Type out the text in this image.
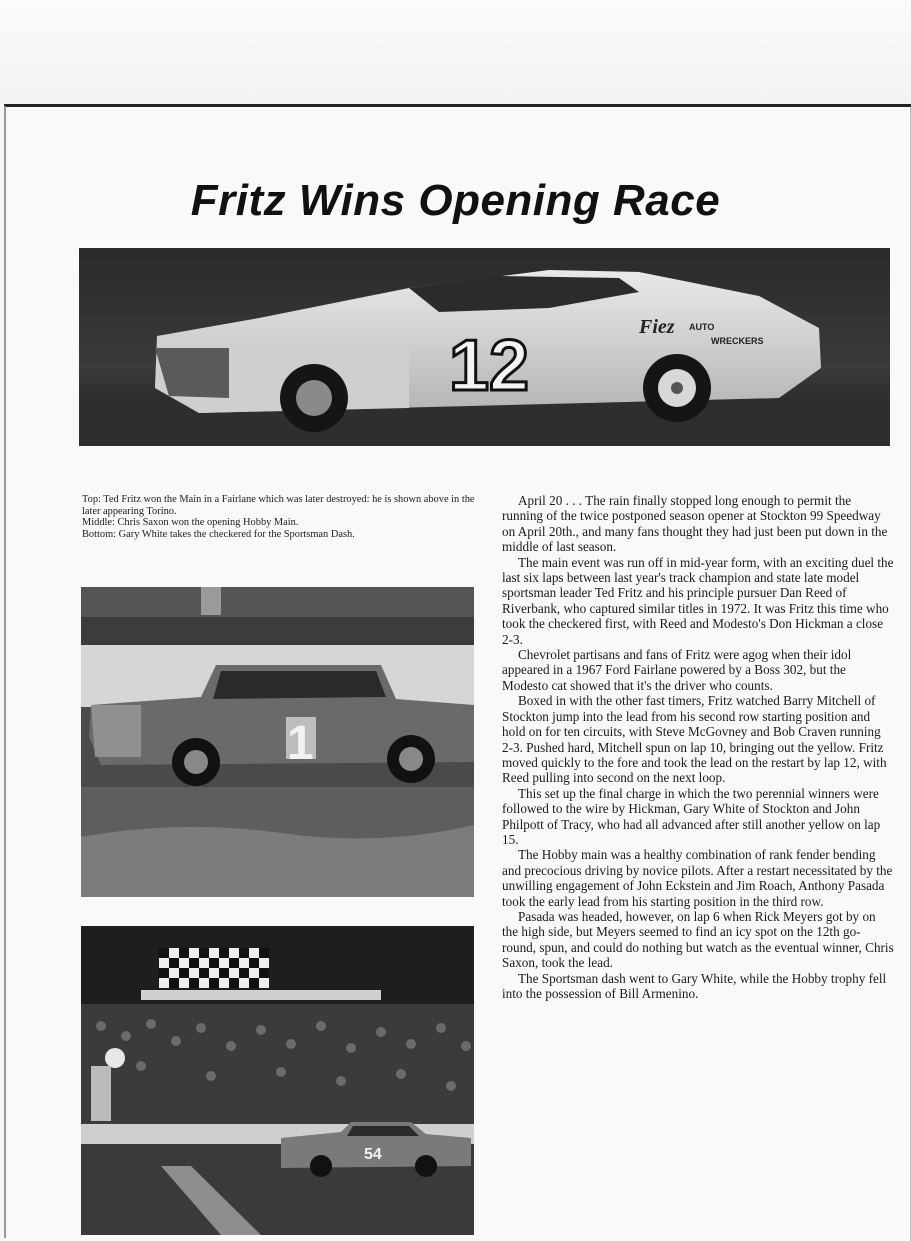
Fritz Wins Opening Race
12	Fiez AUTO
WRECKERS

Top: Ted Fritz won the Main in a Fairlane which was later destroyed: he is shown above in the later appearing Torino.

Middle: Chris Saxon won the opening Hobby Main.

Bottom: Gary White takes the checkered for the Sportsman Dash.

1
54

April 20 . . . The rain finally stopped long enough to permit the running of the twice postponed season opener at Stockton 99 Speedway on April 20th., and many fans thought they had just been put down in the middle of last season.

The main event was run off in mid-year form, with an exciting duel the last six laps between last year's track champion and state late model sportsman leader Ted Fritz and his principle pursuer Dan Reed of Riverbank, who captured similar titles in 1972. It was Fritz this time who took the checkered first, with Reed and Modesto's Don Hickman a close 2-3.

Chevrolet partisans and fans of Fritz were agog when their idol appeared in a 1967 Ford Fairlane powered by a Boss 302, but the Modesto cat showed that it's the driver who counts.

Boxed in with the other fast timers, Fritz watched Barry Mitchell of Stockton jump into the lead from his second row starting position and hold on for ten circuits, with Steve McGovney and Bob Craven running 2-3. Pushed hard, Mitchell spun on lap 10, bringing out the yellow. Fritz moved quickly to the fore and took the lead on the restart by lap 12, with Reed pulling into second on the next loop.

This set up the final charge in which the two perennial winners were followed to the wire by Hickman, Gary White of Stockton and John Philpott of Tracy, who had all advanced after still another yellow on lap 15.

The Hobby main was a healthy combination of rank fender bending and precocious driving by novice pilots. After a restart necessitated by the unwilling engagement of John Eckstein and Jim Roach, Anthony Pasada took the early lead from his starting position in the third row.

Pasada was headed, however, on lap 6 when Rick Meyers got by on the high side, but Meyers seemed to find an icy spot on the 12th go-round, spun, and could do nothing but watch as the eventual winner, Chris Saxon, took the lead.

The Sportsman dash went to Gary White, while the Hobby trophy fell into the possession of Bill Armenino.
